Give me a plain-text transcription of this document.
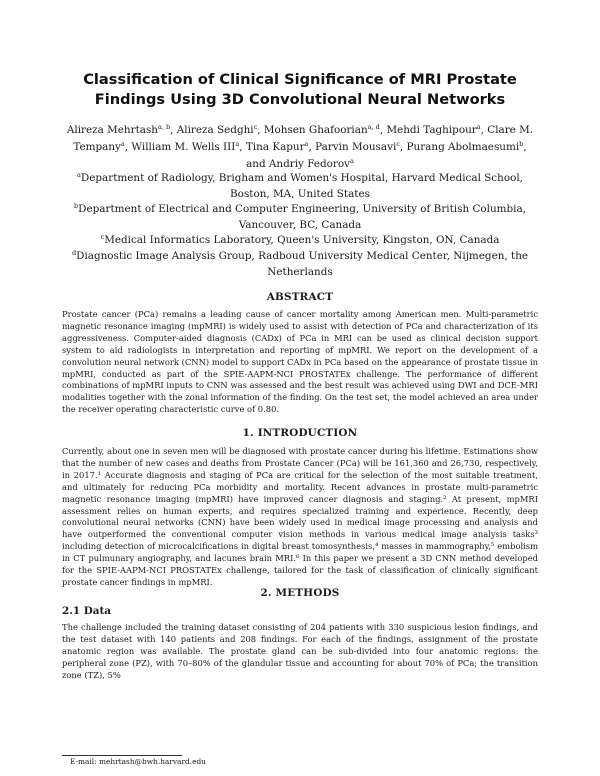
Classification of Clinical Significance of MRI Prostate Findings Using 3D Convolutional Neural Networks
Alireza Mehrtash$^{a, b}$, Alireza Sedghi$^c$, Mohsen Ghafoorian$^{a, d}$, Mehdi Taghipour$^a$, Clare M. Tempany$^a$, William M. Wells III$^a$, Tina Kapur$^a$, Parvin Mousavi$^c$, Purang Abolmaesumi$^b$, and Andriy Fedorov$^a$
$^a$Department of Radiology, Brigham and Women's Hospital, Harvard Medical School, Boston, MA, United States
$^b$Department of Electrical and Computer Engineering, University of British Columbia, Vancouver, BC, Canada
$^c$Medical Informatics Laboratory, Queen's University, Kingston, ON, Canada
$^d$Diagnostic Image Analysis Group, Radboud University Medical Center, Nijmegen, the Netherlands
ABSTRACT
Prostate cancer (PCa) remains a leading cause of cancer mortality among American men. Multi-parametric magnetic resonance imaging (mpMRI) is widely used to assist with detection of PCa and characterization of its aggressiveness. Computer-aided diagnosis (CADx) of PCa in MRI can be used as clinical decision support system to aid radiologists in interpretation and reporting of mpMRI. We report on the development of a convolution neural network (CNN) model to support CADx in PCa based on the appearance of prostate tissue in mpMRI, conducted as part of the SPIE-AAPM-NCI PROSTATEx challenge. The performance of different combinations of mpMRI inputs to CNN was assessed and the best result was achieved using DWI and DCE-MRI modalities together with the zonal information of the finding. On the test set, the model achieved an area under the receiver operating characteristic curve of 0.80.
1. INTRODUCTION
Currently, about one in seven men will be diagnosed with prostate cancer during his lifetime. Estimations show that the number of new cases and deaths from Prostate Cancer (PCa) will be 161,360 and 26,730, respectively, in 2017.¹ Accurate diagnosis and staging of PCa are critical for the selection of the most suitable treatment, and ultimately for reducing PCa morbidity and mortality. Recent advances in prostate multi-parametric magnetic resonance imaging (mpMRI) have improved cancer diagnosis and staging.² At present, mpMRI assessment relies on human experts, and requires specialized training and experience. Recently, deep convolutional neural networks (CNN) have been widely used in medical image processing and analysis and have outperformed the conventional computer vision methods in various medical image analysis tasks³ including detection of microcalcifications in digital breast tomosynthesis,⁴ masses in mammography,⁵ embolism in CT pulmunary angiography, and lacunes brain MRI.⁶ In this paper we present a 3D CNN method developed for the SPIE-AAPM-NCI PROSTATEx challenge, tailored for the task of classification of clinically significant prostate cancer findings in mpMRI.
2. METHODS
2.1 Data
The challenge included the training dataset consisting of 204 patients with 330 suspicious lesion findings, and the test dataset with 140 patients and 208 findings. For each of the findings, assignment of the prostate anatomic region was available. The prostate gland can be sub-divided into four anatomic regions: the peripheral zone (PZ), with 70–80% of the glandular tissue and accounting for about 70% of PCa; the transition zone (TZ), 5%
E-mail: mehrtash@bwh.harvard.edu
